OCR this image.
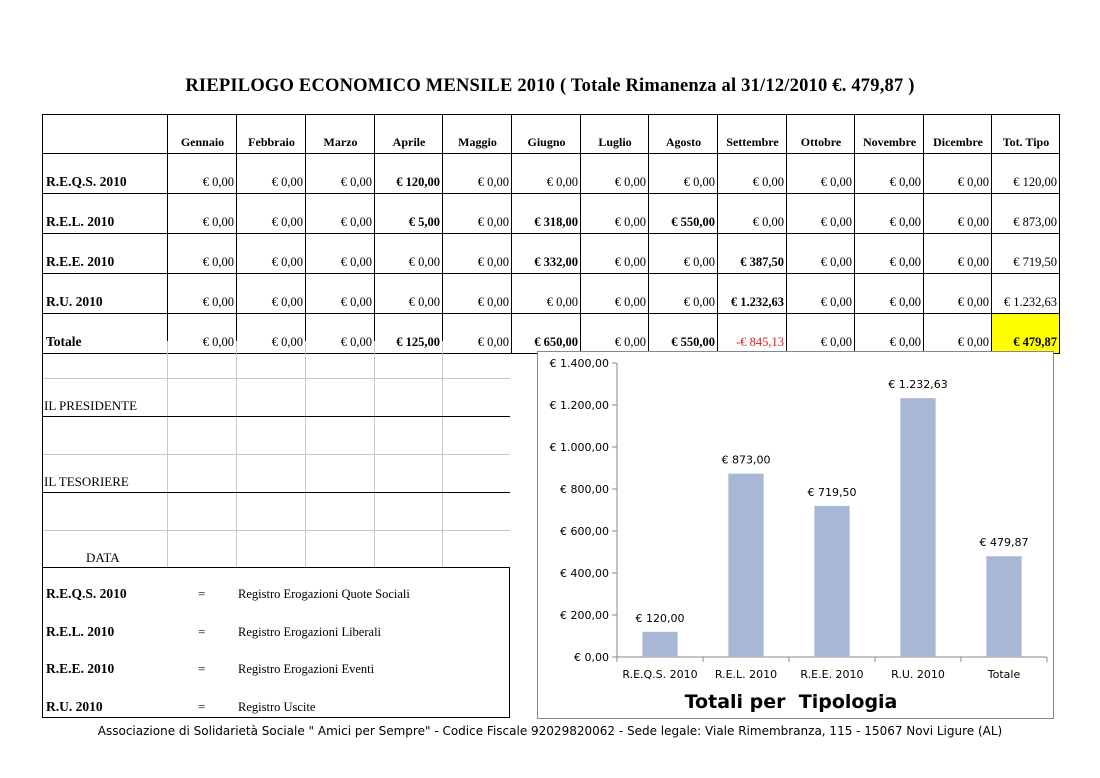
RIEPILOGO ECONOMICO MENSILE 2010 ( Totale Rimanenza al 31/12/2010 €. 479,87 )
	Gennaio	Febbraio	Marzo	Aprile	Maggio	Giugno	Luglio	Agosto	Settembre	Ottobre	Novembre	Dicembre	Tot. Tipo
R.E.Q.S. 2010	€ 0,00	€ 0,00	€ 0,00	€ 120,00	€ 0,00	€ 0,00	€ 0,00	€ 0,00	€ 0,00	€ 0,00	€ 0,00	€ 0,00	€ 120,00
R.E.L. 2010	€ 0,00	€ 0,00	€ 0,00	€ 5,00	€ 0,00	€ 318,00	€ 0,00	€ 550,00	€ 0,00	€ 0,00	€ 0,00	€ 0,00	€ 873,00
R.E.E. 2010	€ 0,00	€ 0,00	€ 0,00	€ 0,00	€ 0,00	€ 332,00	€ 0,00	€ 0,00	€ 387,50	€ 0,00	€ 0,00	€ 0,00	€ 719,50
R.U. 2010	€ 0,00	€ 0,00	€ 0,00	€ 0,00	€ 0,00	€ 0,00	€ 0,00	€ 0,00	€ 1.232,63	€ 0,00	€ 0,00	€ 0,00	€ 1.232,63
Totale	€ 0,00	€ 0,00	€ 0,00	€ 125,00	€ 0,00	€ 650,00	€ 0,00	€ 550,00	-€ 845,13	€ 0,00	€ 0,00	€ 0,00	€ 479,87
IL PRESIDENTE
IL TESORIERE
DATA
R.E.Q.S. 2010	=	Registro Erogazioni Quote Sociali
R.E.L. 2010	=	Registro Erogazioni Liberali
R.E.E. 2010	=	Registro Erogazioni Eventi
R.U. 2010	=	Registro Uscite
€ 0,00
€ 200,00
€ 400,00
€ 600,00
€ 800,00
€ 1.000,00
€ 1.200,00
€ 1.400,00
€ 120,00
R.E.Q.S. 2010
€ 873,00
R.E.L. 2010
€ 719,50
R.E.E. 2010
€ 1.232,63
R.U. 2010
€ 479,87
Totale
Totali per  Tipologia
Associazione di Solidarietà Sociale " Amici per Sempre" - Codice Fiscale 92029820062 - Sede legale: Viale Rimembranza, 115 - 15067 Novi Ligure (AL)
